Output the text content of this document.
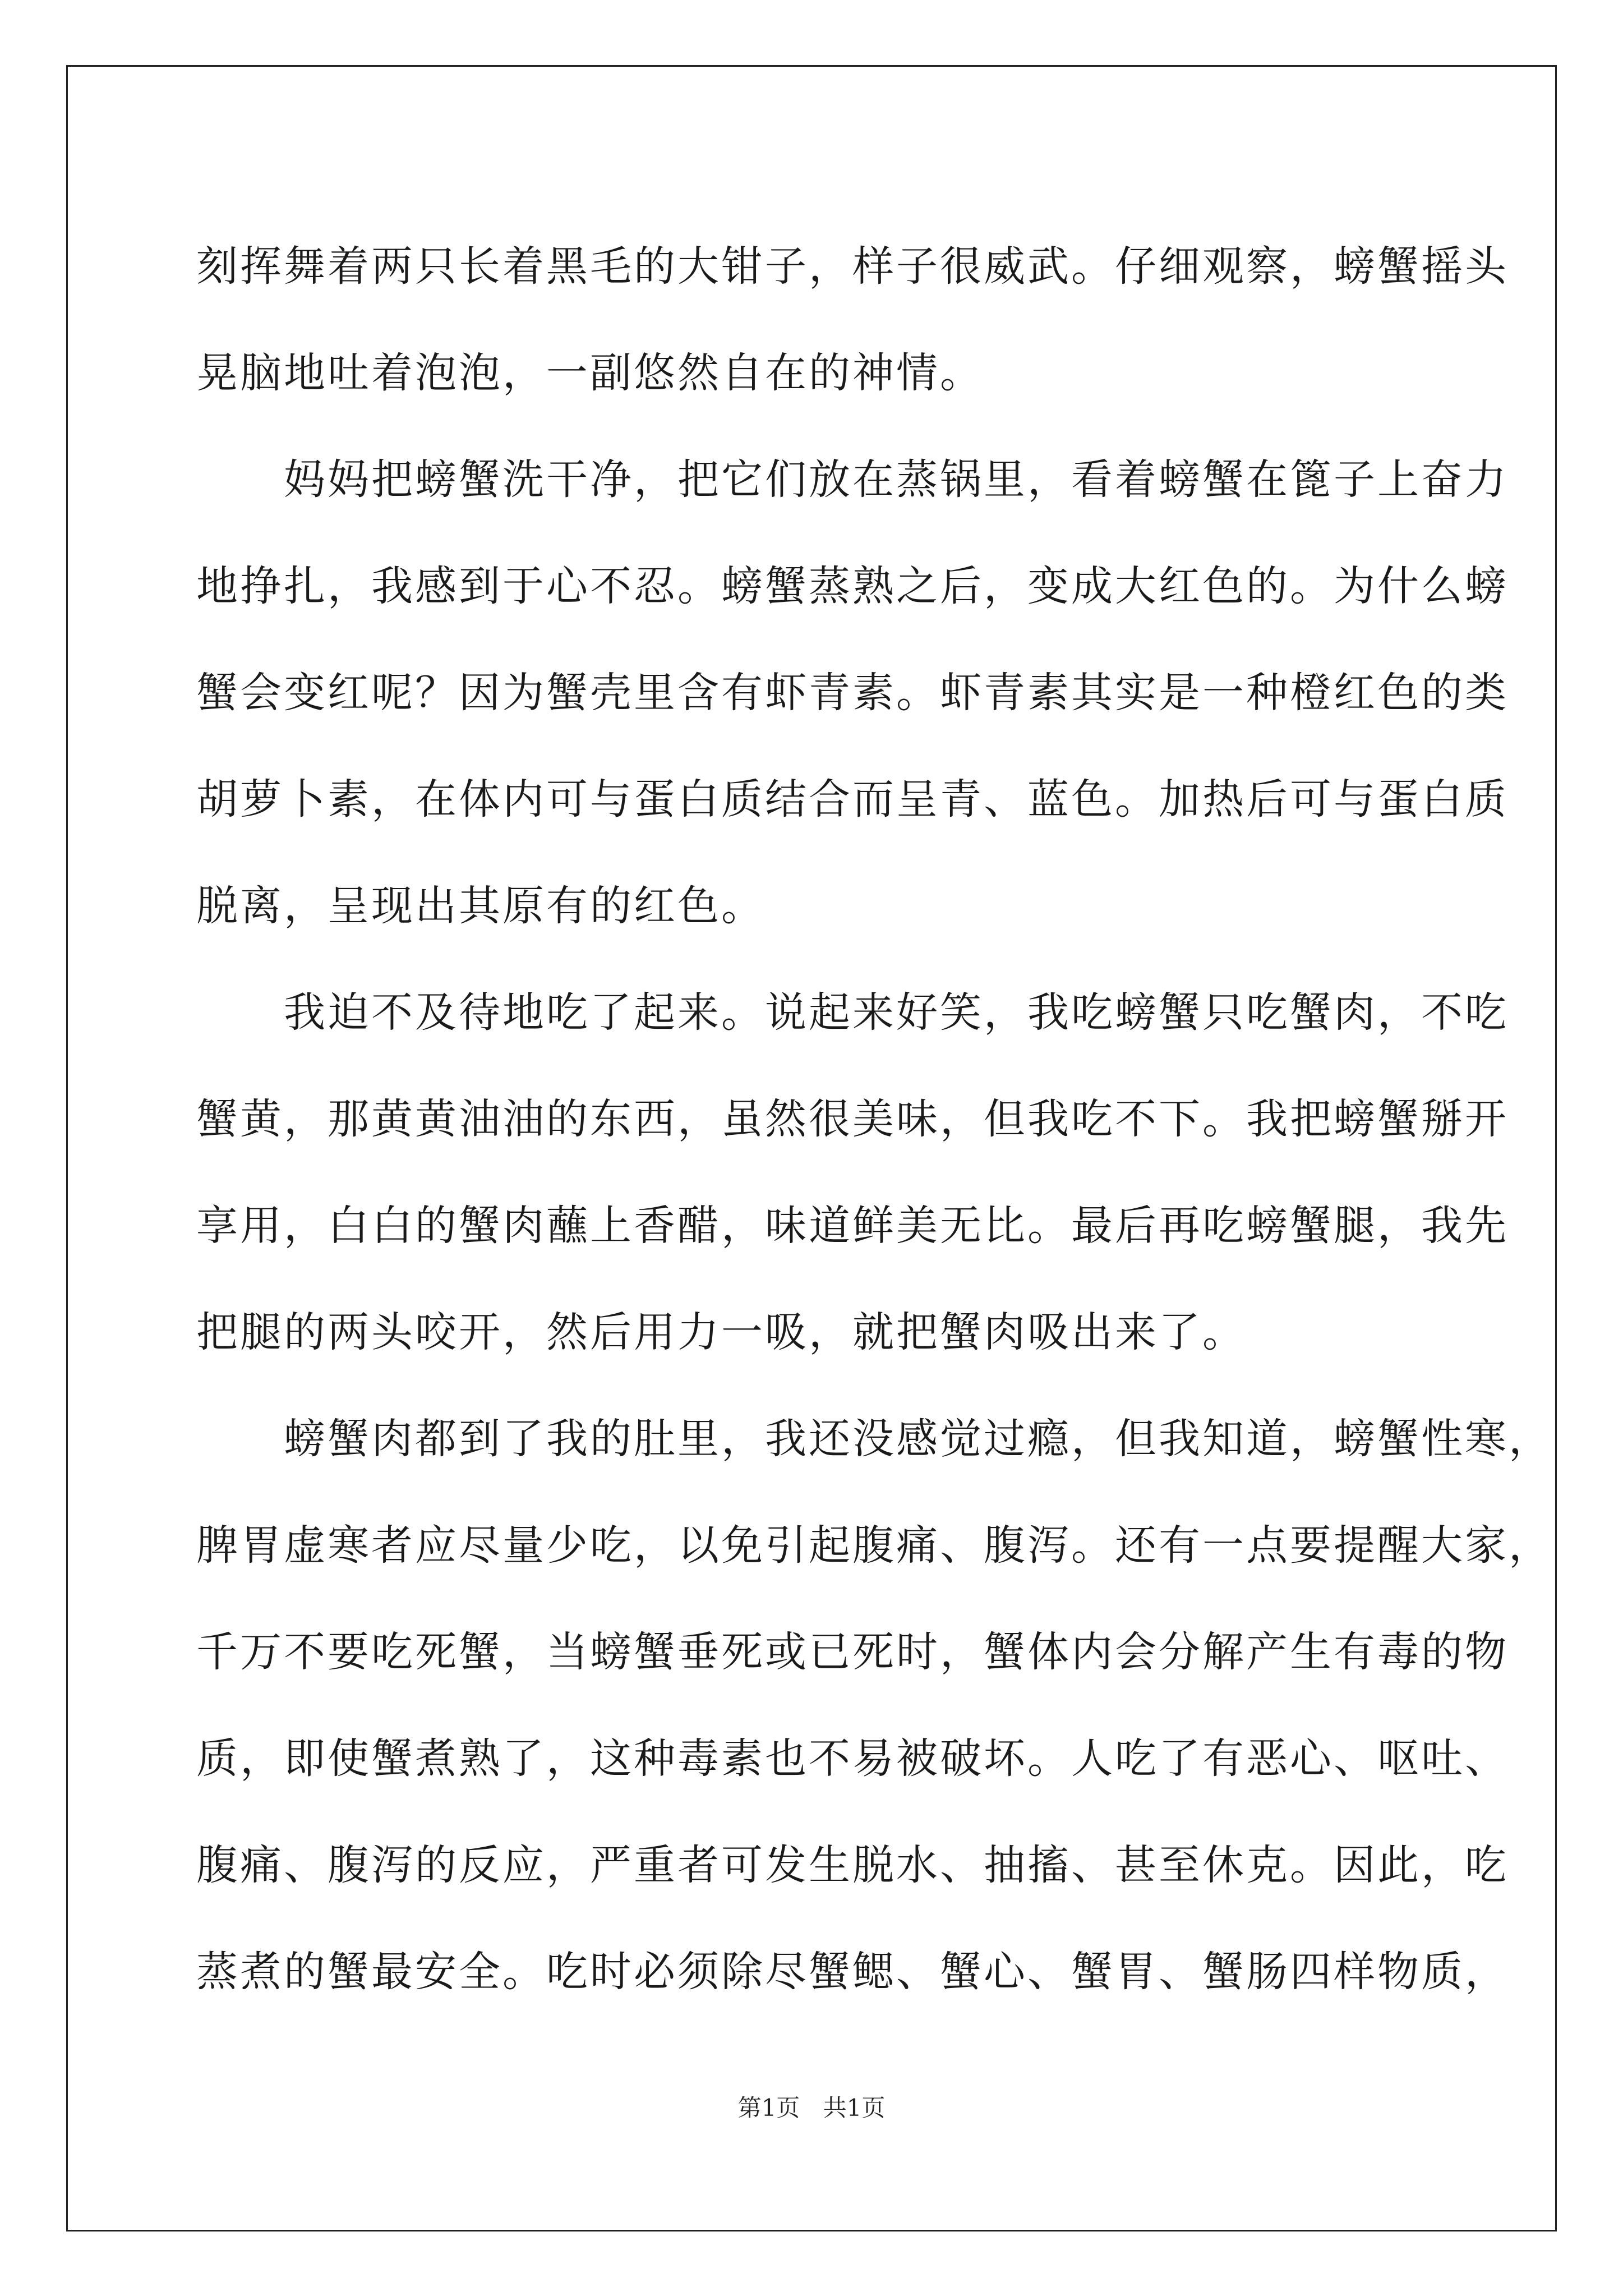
刻挥舞着两只长着黑毛的大钳子，样子很威武。仔细观察，螃蟹摇头
晃脑地吐着泡泡，一副悠然自在的神情。
　　妈妈把螃蟹洗干净，把它们放在蒸锅里，看着螃蟹在篦子上奋力
地挣扎，我感到于心不忍。螃蟹蒸熟之后，变成大红色的。为什么螃
蟹会变红呢？因为蟹壳里含有虾青素。虾青素其实是一种橙红色的类
胡萝卜素，在体内可与蛋白质结合而呈青、蓝色。加热后可与蛋白质
脱离，呈现出其原有的红色。
　　我迫不及待地吃了起来。说起来好笑，我吃螃蟹只吃蟹肉，不吃
蟹黄，那黄黄油油的东西，虽然很美味，但我吃不下。我把螃蟹掰开
享用，白白的蟹肉蘸上香醋，味道鲜美无比。最后再吃螃蟹腿，我先
把腿的两头咬开，然后用力一吸，就把蟹肉吸出来了。
　　螃蟹肉都到了我的肚里，我还没感觉过瘾，但我知道，螃蟹性寒，
脾胃虚寒者应尽量少吃，以免引起腹痛、腹泻。还有一点要提醒大家，
千万不要吃死蟹，当螃蟹垂死或已死时，蟹体内会分解产生有毒的物
质，即使蟹煮熟了，这种毒素也不易被破坏。人吃了有恶心、呕吐、
腹痛、腹泻的反应，严重者可发生脱水、抽搐、甚至休克。因此，吃
蒸煮的蟹最安全。吃时必须除尽蟹鳃、蟹心、蟹胃、蟹肠四样物质，
第1页 共1页
